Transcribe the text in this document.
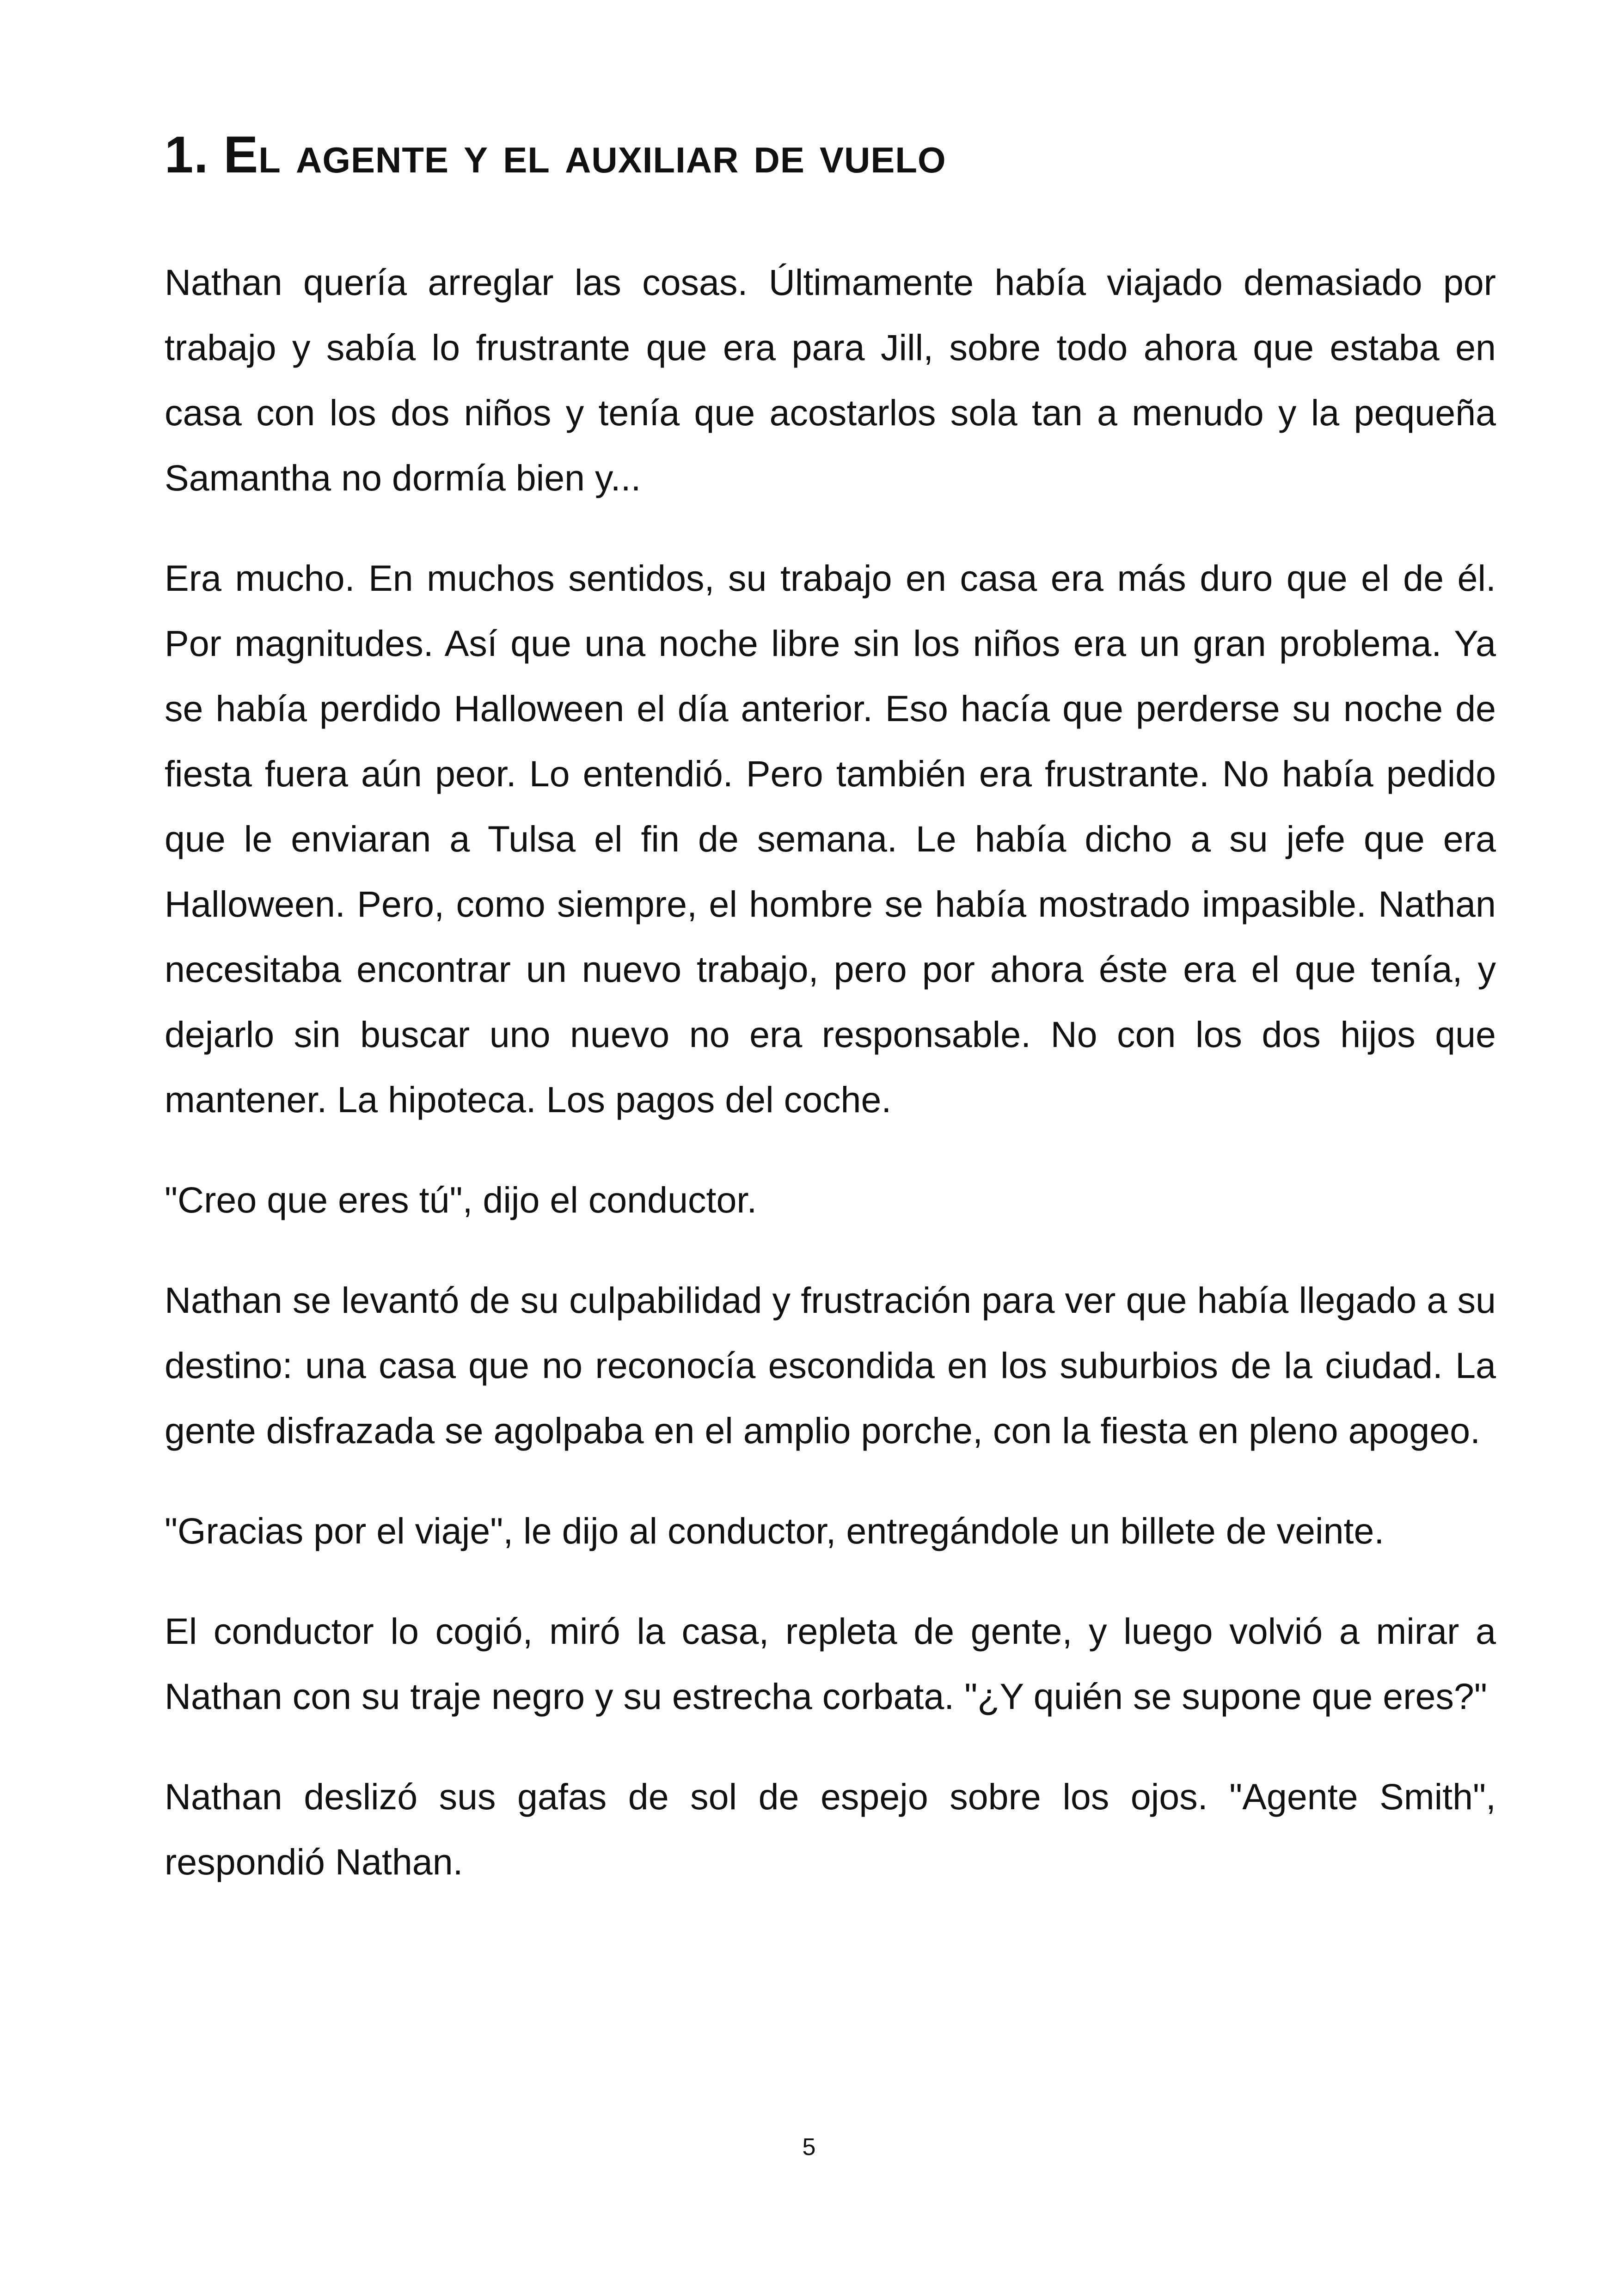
1. El agente y el auxiliar de vuelo

Nathan quería arreglar las cosas. Últimamente había viajado demasiado por trabajo y sabía lo frustrante que era para Jill, sobre todo ahora que estaba en casa con los dos niños y tenía que acostarlos sola tan a menudo y la pequeña Samantha no dormía bien y...

Era mucho. En muchos sentidos, su trabajo en casa era más duro que el de él. Por magnitudes. Así que una noche libre sin los niños era un gran problema. Ya se había perdido Halloween el día anterior. Eso hacía que perderse su noche de fiesta fuera aún peor. Lo entendió. Pero también era frustrante. No había pedido que le enviaran a Tulsa el fin de semana. Le había dicho a su jefe que era Halloween. Pero, como siempre, el hombre se había mostrado impasible. Nathan necesitaba encontrar un nuevo trabajo, pero por ahora éste era el que tenía, y dejarlo sin buscar uno nuevo no era responsable. No con los dos hijos que mantener. La hipoteca. Los pagos del coche.

"Creo que eres tú", dijo el conductor.

Nathan se levantó de su culpabilidad y frustración para ver que había llegado a su destino: una casa que no reconocía escondida en los suburbios de la ciudad. La gente disfrazada se agolpaba en el amplio porche, con la fiesta en pleno apogeo.

"Gracias por el viaje", le dijo al conductor, entregándole un billete de veinte.

El conductor lo cogió, miró la casa, repleta de gente, y luego volvió a mirar a Nathan con su traje negro y su estrecha corbata. "¿Y quién se supone que eres?"

Nathan deslizó sus gafas de sol de espejo sobre los ojos. "Agente Smith", respondió Nathan.

5
